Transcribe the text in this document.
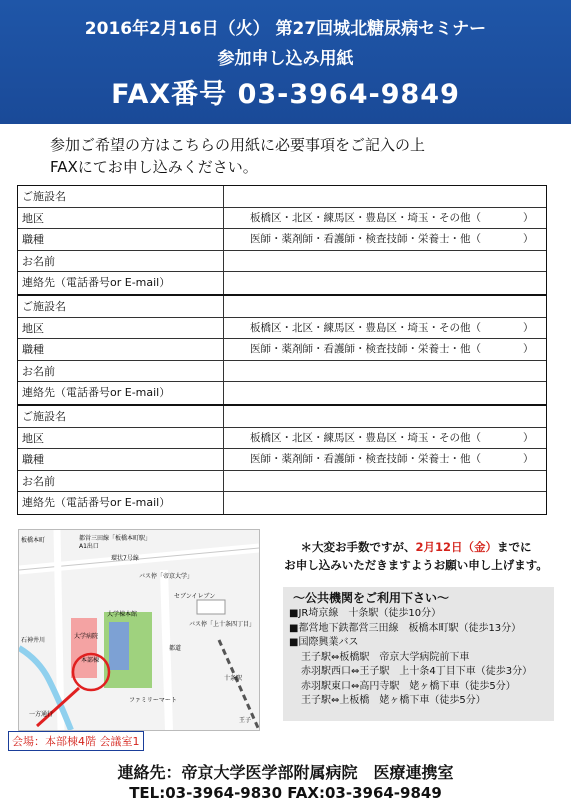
2016年2月16日（火） 第27回城北糖尿病セミナー
参加申し込み用紙
FAX番号 03-3964-9849
参加ご希望の方はこちらの用紙に必要事項をご記入の上
FAXにてお申し込みください。
ご施設名
地区	板橋区・北区・練馬区・豊島区・埼玉・その他（　　　　）
職種	医師・薬剤師・看護師・検査技師・栄養士・他（　　　　）
お名前
連絡先（電話番号or E-mail）
ご施設名
地区	板橋区・北区・練馬区・豊島区・埼玉・その他（　　　　）
職種	医師・薬剤師・看護師・検査技師・栄養士・他（　　　　）
お名前
連絡先（電話番号or E-mail）
ご施設名
地区	板橋区・北区・練馬区・豊島区・埼玉・その他（　　　　）
職種	医師・薬剤師・看護師・検査技師・栄養士・他（　　　　）
お名前
連絡先（電話番号or E-mail）
板橋本町	都営三田線「板橋本町駅」
A1出口
環状7号線
バス停「帝京大学」
大学病院
大学棟本館
本部棟
セブンイレブン
バス停「上十条四丁目」
十条駅
王子
ファミリーマート
一方通行
都道
石神井川
会場：本部棟4階 会議室1
＊大変お手数ですが、2月12日（金）までに
お申し込みいただきますようお願い申し上げます。
～公共機関をご利用下さい～
■JR埼京線　十条駅（徒歩10分）
■都営地下鉄都営三田線　板橋本町駅（徒歩13分）
■国際興業バス
王子駅⇔板橋駅　帝京大学病院前下車
赤羽駅西口⇔王子駅　上十条4丁目下車（徒歩3分）
赤羽駅東口⇔高円寺駅　姥ヶ橋下車（徒歩5分）
王子駅⇔上板橋　姥ヶ橋下車（徒歩5分）
連絡先：帝京大学医学部附属病院　医療連携室
TEL:03-3964-9830 FAX:03-3964-9849
